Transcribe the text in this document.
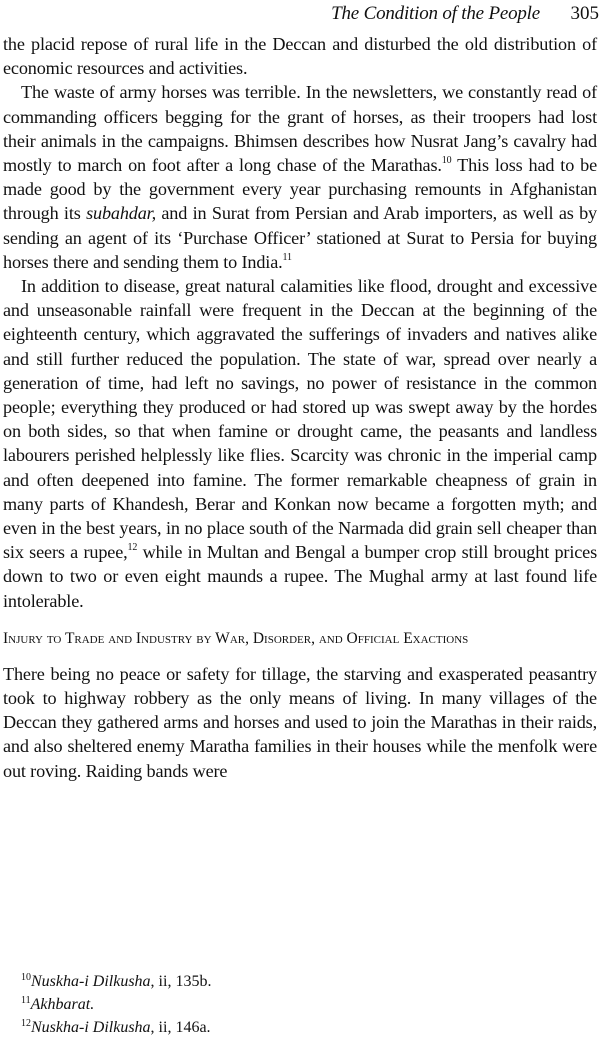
The Condition of the People 305

the placid repose of rural life in the Deccan and disturbed the old distribution of economic resources and activities.

The waste of army horses was terrible. In the newsletters, we constantly read of commanding officers begging for the grant of horses, as their troopers had lost their animals in the campaigns. Bhimsen describes how Nusrat Jang’s cavalry had mostly to march on foot after a long chase of the Marathas.$^{10}$ This loss had to be made good by the government every year purchasing remounts in Afghanistan through its subahdar, and in Surat from Persian and Arab importers, as well as by sending an agent of its ‘Purchase Officer’ stationed at Surat to Persia for buying horses there and sending them to India.$^{11}$

In addition to disease, great natural calamities like flood, drought and excessive and unseasonable rainfall were frequent in the Deccan at the beginning of the eighteenth century, which aggravated the sufferings of invaders and natives alike and still further reduced the population. The state of war, spread over nearly a generation of time, had left no savings, no power of resistance in the common people; everything they produced or had stored up was swept away by the hordes on both sides, so that when famine or drought came, the peasants and landless labourers perished helplessly like flies. Scarcity was chronic in the imperial camp and often deepened into famine. The former remarkable cheapness of grain in many parts of Khandesh, Berar and Konkan now became a forgotten myth; and even in the best years, in no place south of the Narmada did grain sell cheaper than six seers a rupee,$^{12}$ while in Multan and Bengal a bumper crop still brought prices down to two or even eight maunds a rupee. The Mughal army at last found life intolerable.

Injury to Trade and Industry by War, Disorder, and Official Exactions

There being no peace or safety for tillage, the starving and exasperated peasantry took to highway robbery as the only means of living. In many villages of the Deccan they gathered arms and horses and used to join the Marathas in their raids, and also sheltered enemy Maratha families in their houses while the menfolk were out roving. Raiding bands were

$^{10}$Nuskha-i Dilkusha, ii, 135b.
$^{11}$Akhbarat.
$^{12}$Nuskha-i Dilkusha, ii, 146a.
